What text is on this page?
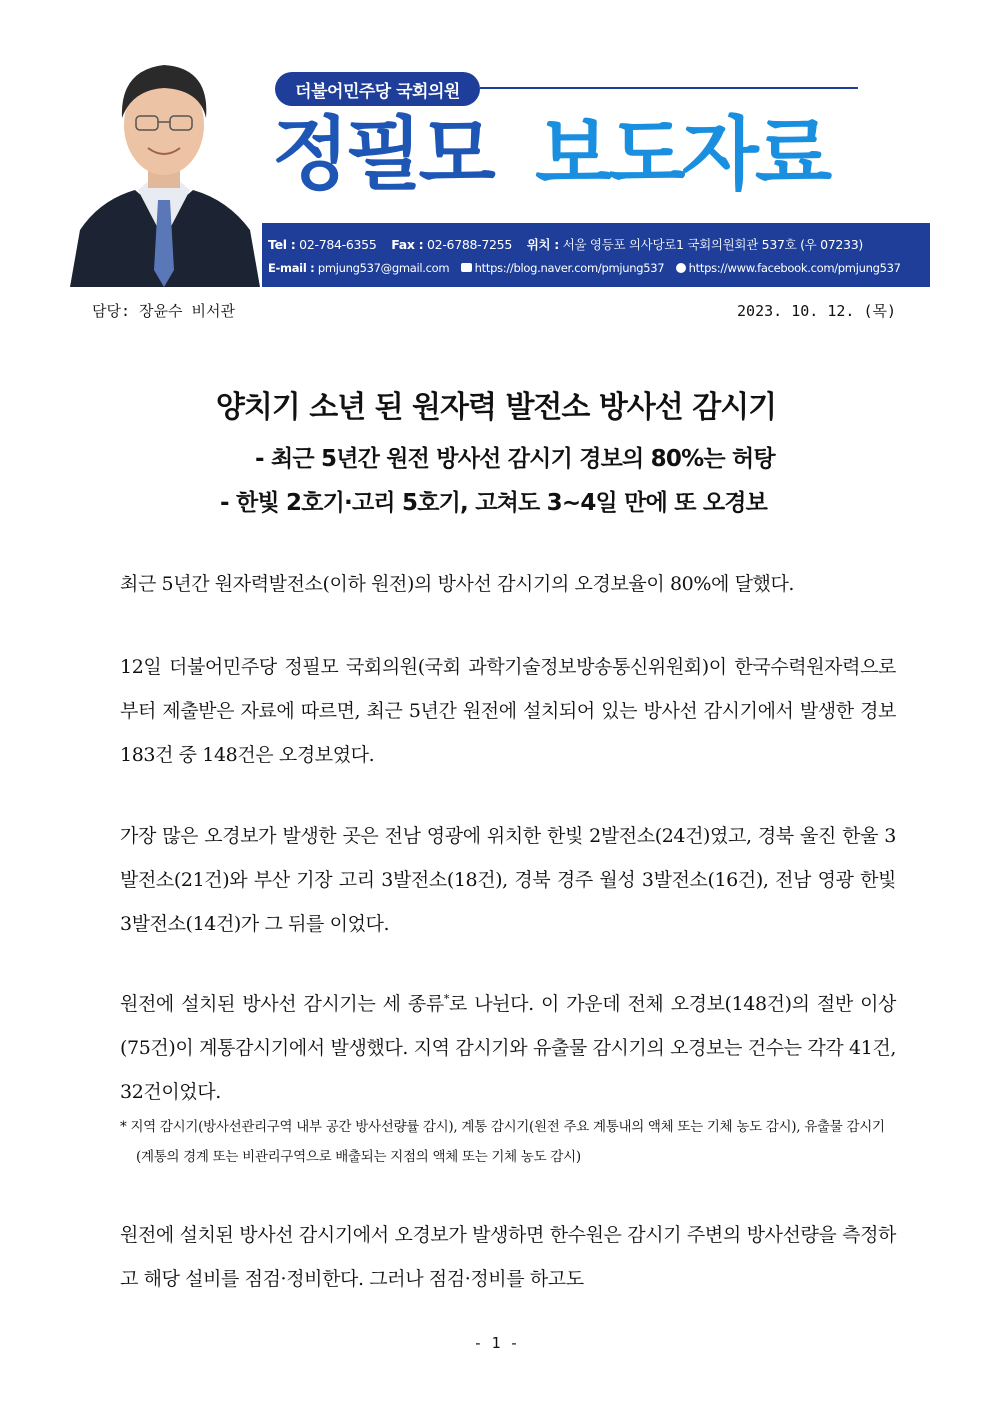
더불어민주당 국회의원
정필모 보도자료
Tel : 02-784-6355 Fax : 02-6788-7255 위치 : 서울 영등포 의사당로1 국회의원회관 537호 (우 07233)
E-mail : pmjung537@gmail.com https://blog.naver.com/pmjung537 https://www.facebook.com/pmjung537
담당: 장윤수 비서관	2023. 10. 12. (목)
양치기 소년 된 원자력 발전소 방사선 감시기
- 최근 5년간 원전 방사선 감시기 경보의 80%는 허탕
- 한빛 2호기·고리 5호기, 고쳐도 3~4일 만에 또 오경보
최근 5년간 원자력발전소(이하 원전)의 방사선 감시기의 오경보율이 80%에 달했다.
12일 더불어민주당 정필모 국회의원(국회 과학기술정보방송통신위원회)이 한국수력원자력으로부터 제출받은 자료에 따르면, 최근 5년간 원전에 설치되어 있는 방사선 감시기에서 발생한 경보 183건 중 148건은 오경보였다.
가장 많은 오경보가 발생한 곳은 전남 영광에 위치한 한빛 2발전소(24건)였고, 경북 울진 한울 3발전소(21건)와 부산 기장 고리 3발전소(18건), 경북 경주 월성 3발전소(16건), 전남 영광 한빛 3발전소(14건)가 그 뒤를 이었다.
원전에 설치된 방사선 감시기는 세 종류*로 나뉜다. 이 가운데 전체 오경보(148건)의 절반 이상(75건)이 계통감시기에서 발생했다. 지역 감시기와 유출물 감시기의 오경보는 건수는 각각 41건, 32건이었다.
* 지역 감시기(방사선관리구역 내부 공간 방사선량률 감시), 계통 감시기(원전 주요 계통내의 액체 또는 기체 농도 감시), 유출물 감시기(계통의 경계 또는 비관리구역으로 배출되는 지점의 액체 또는 기체 농도 감시)
원전에 설치된 방사선 감시기에서 오경보가 발생하면 한수원은 감시기 주변의 방사선량을 측정하고 해당 설비를 점검·정비한다. 그러나 점검·정비를 하고도
- 1 -
